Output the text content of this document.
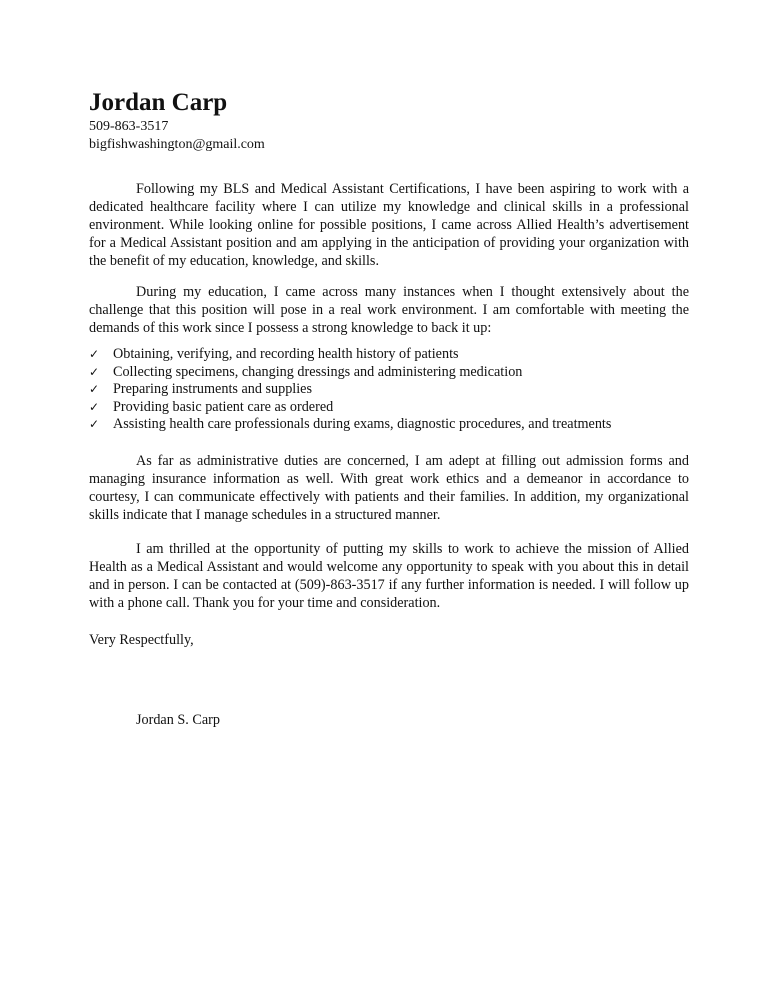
Jordan Carp

509-863-3517

bigfishwashington@gmail.com

Following my BLS and Medical Assistant Certifications, I have been aspiring to work with a dedicated healthcare facility where I can utilize my knowledge and clinical skills in a professional environment. While looking online for possible positions, I came across Allied Health’s advertisement for a Medical Assistant position and am applying in the anticipation of providing your organization with the benefit of my education, knowledge, and skills.

During my education, I came across many instances when I thought extensively about the challenge that this position will pose in a real work environment. I am comfortable with meeting the demands of this work since I possess a strong knowledge to back it up:

✓ Obtaining, verifying, and recording health history of patients
✓ Collecting specimens, changing dressings and administering medication
✓ Preparing instruments and supplies
✓ Providing basic patient care as ordered
✓ Assisting health care professionals during exams, diagnostic procedures, and treatments

As far as administrative duties are concerned, I am adept at filling out admission forms and managing insurance information as well. With great work ethics and a demeanor in accordance to courtesy, I can communicate effectively with patients and their families. In addition, my organizational skills indicate that I manage schedules in a structured manner.

I am thrilled at the opportunity of putting my skills to work to achieve the mission of Allied Health as a Medical Assistant and would welcome any opportunity to speak with you about this in detail and in person. I can be contacted at (509)-863-3517 if any further information is needed. I will follow up with a phone call. Thank you for your time and consideration.

Very Respectfully,

Jordan S. Carp
